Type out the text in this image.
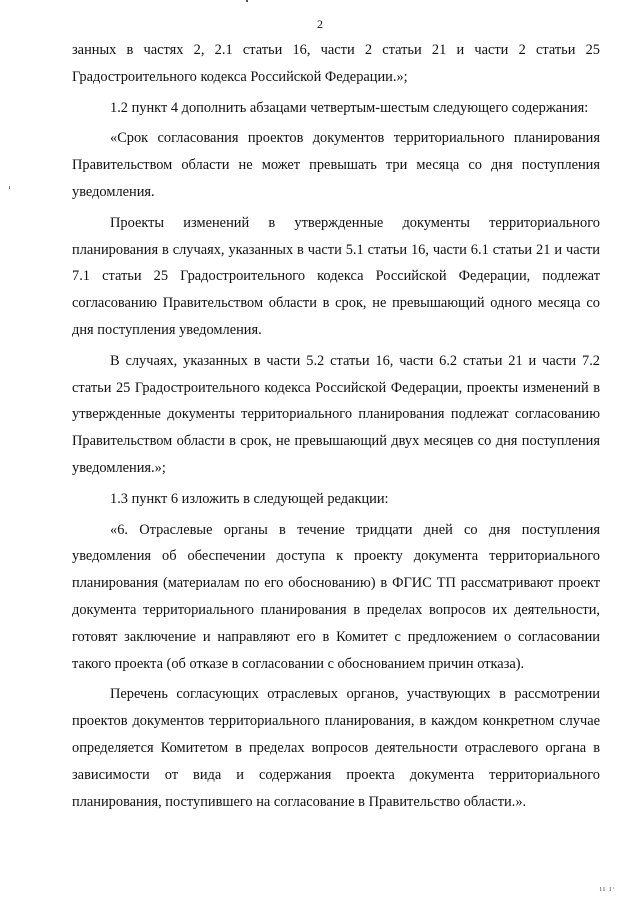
2

занных в частях 2, 2.1 статьи 16, части 2 статьи 21 и части 2 статьи 25 Градостроительного кодекса Российской Федерации.»;

1.2 пункт 4 дополнить абзацами четвертым-шестым следующего содержания:

«Срок согласования проектов документов территориального планирования Правительством области не может превышать три месяца со дня поступления уведомления.

Проекты изменений в утвержденные документы территориального планирования в случаях, указанных в части 5.1 статьи 16, части 6.1 статьи 21 и части 7.1 статьи 25 Градостроительного кодекса Российской Федерации, подлежат согласованию Правительством области в срок, не превышающий одного месяца со дня поступления уведомления.

В случаях, указанных в части 5.2 статьи 16, части 6.2 статьи 21 и части 7.2 статьи 25 Градостроительного кодекса Российской Федерации, проекты изменений в утвержденные документы территориального планирования подлежат согласованию Правительством области в срок, не превышающий двух месяцев со дня поступления уведомления.»;

1.3 пункт 6 изложить в следующей редакции:

«6. Отраслевые органы в течение тридцати дней со дня поступления уведомления об обеспечении доступа к проекту документа территориального планирования (материалам по его обоснованию) в ФГИС ТП рассматривают проект документа территориального планирования в пределах вопросов их деятельности, готовят заключение и направляют его в Комитет с предложением о согласовании такого проекта (об отказе в согласовании с обоснованием причин отказа).

Перечень согласующих отраслевых органов, участвующих в рассмотрении проектов документов территориального планирования, в каждом конкретном случае определяется Комитетом в пределах вопросов деятельности отраслевого органа в зависимости от вида и содержания проекта документа территориального планирования, поступившего на согласование в Правительство области.».

ıı ı·
